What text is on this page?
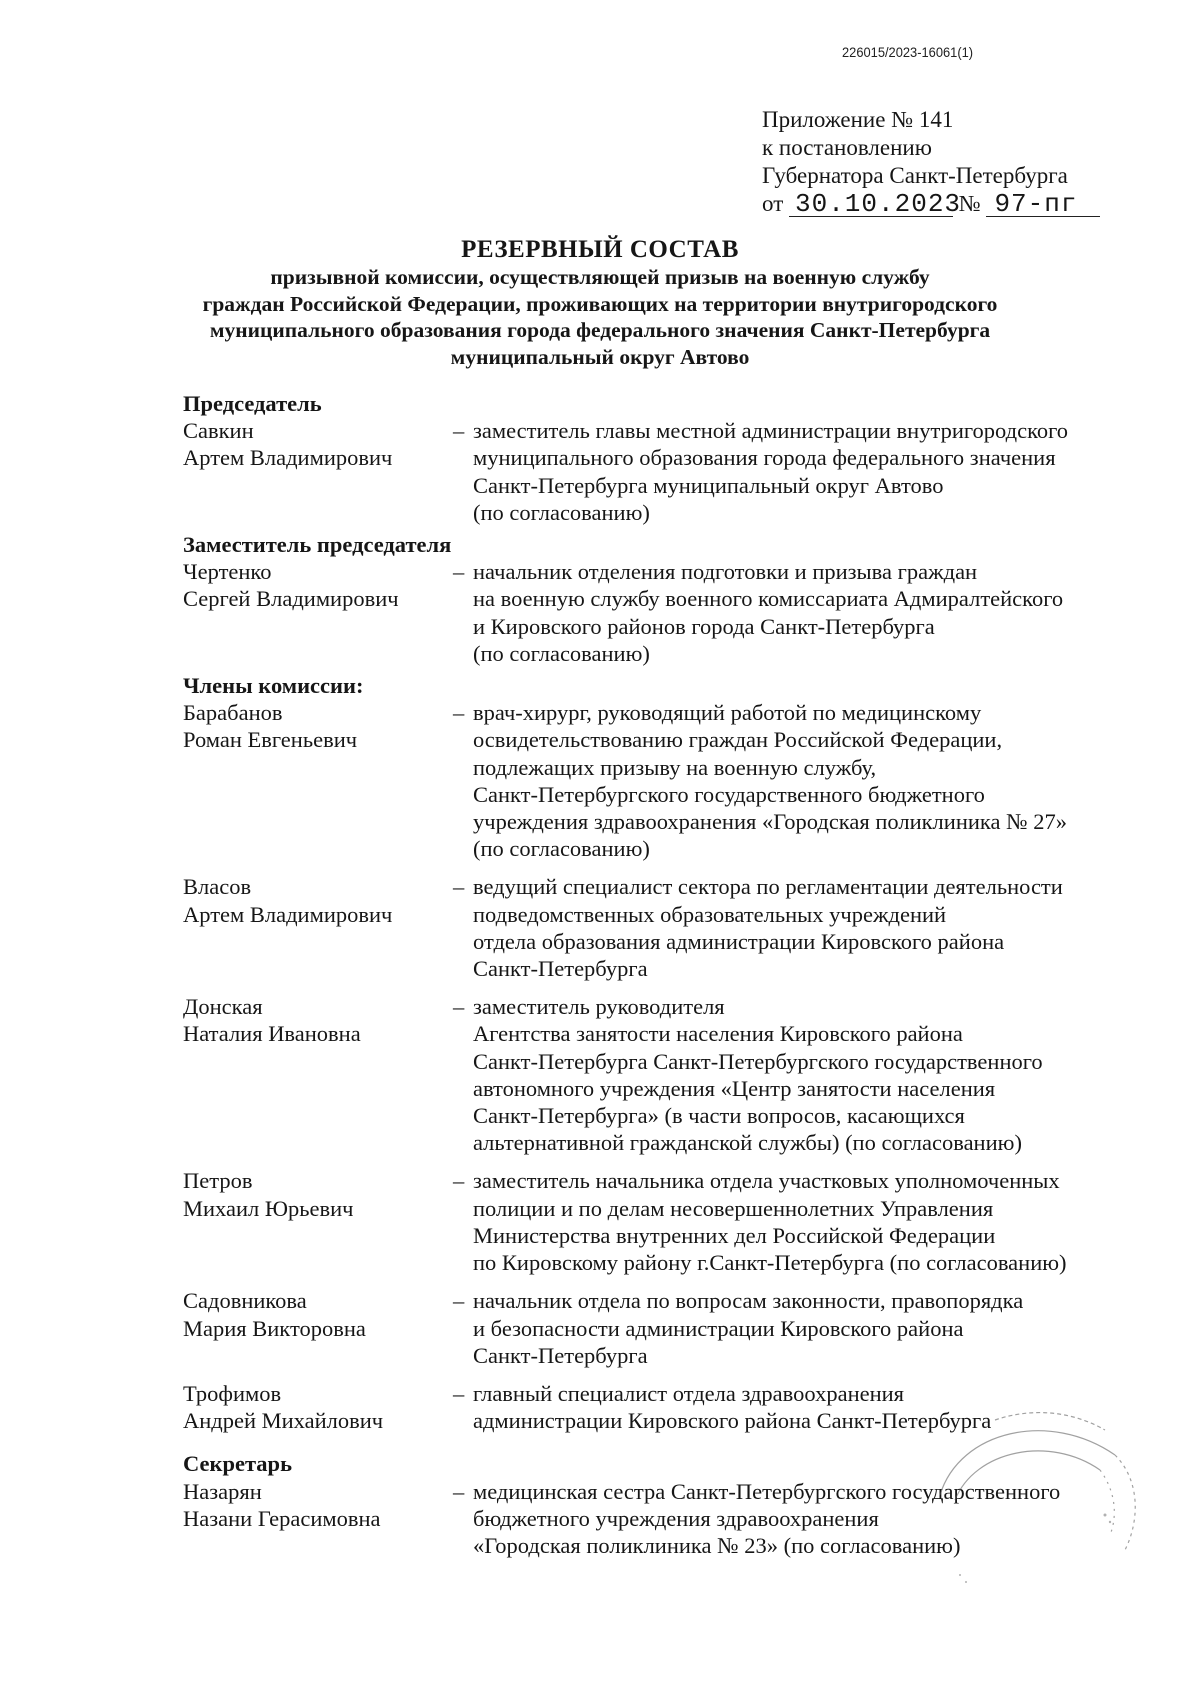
226015/2023-16061(1)
Приложение № 141
к постановлению
Губернатора Санкт-Петербурга
от 30.10.2023 № 97-пг
РЕЗЕРВНЫЙ СОСТАВ
призывной комиссии, осуществляющей призыв на военную службу
граждан Российской Федерации, проживающих на территории внутригородского
муниципального образования города федерального значения Санкт-Петербурга
муниципальный округ Автово
Председатель
Савкин
Артем Владимирович
– заместитель главы местной администрации внутригородского
муниципального образования города федерального значения
Санкт-Петербурга муниципальный округ Автово
(по согласованию)
Заместитель председателя
Чертенко
Сергей Владимирович
– начальник отделения подготовки и призыва граждан
на военную службу военного комиссариата Адмиралтейского
и Кировского районов города Санкт-Петербурга
(по согласованию)
Члены комиссии:
Барабанов
Роман Евгеньевич
– врач-хирург, руководящий работой по медицинскому
освидетельствованию граждан Российской Федерации,
подлежащих призыву на военную службу,
Санкт-Петербургского государственного бюджетного
учреждения здравоохранения «Городская поликлиника № 27»
(по согласованию)
Власов
Артем Владимирович
– ведущий специалист сектора по регламентации деятельности
подведомственных образовательных учреждений
отдела образования администрации Кировского района
Санкт-Петербурга
Донская
Наталия Ивановна
– заместитель руководителя
Агентства занятости населения Кировского района
Санкт-Петербурга Санкт-Петербургского государственного
автономного учреждения «Центр занятости населения
Санкт-Петербурга» (в части вопросов, касающихся
альтернативной гражданской службы) (по согласованию)
Петров
Михаил Юрьевич
– заместитель начальника отдела участковых уполномоченных
полиции и по делам несовершеннолетних Управления
Министерства внутренних дел Российской Федерации
по Кировскому району г.Санкт-Петербурга (по согласованию)
Садовникова
Мария Викторовна
– начальник отдела по вопросам законности, правопорядка
и безопасности администрации Кировского района
Санкт-Петербурга
Трофимов
Андрей Михайлович
– главный специалист отдела здравоохранения
администрации Кировского района Санкт-Петербурга
Секретарь
Назарян
Назани Герасимовна
– медицинская сестра Санкт-Петербургского государственного
бюджетного учреждения здравоохранения
«Городская поликлиника № 23» (по согласованию)
